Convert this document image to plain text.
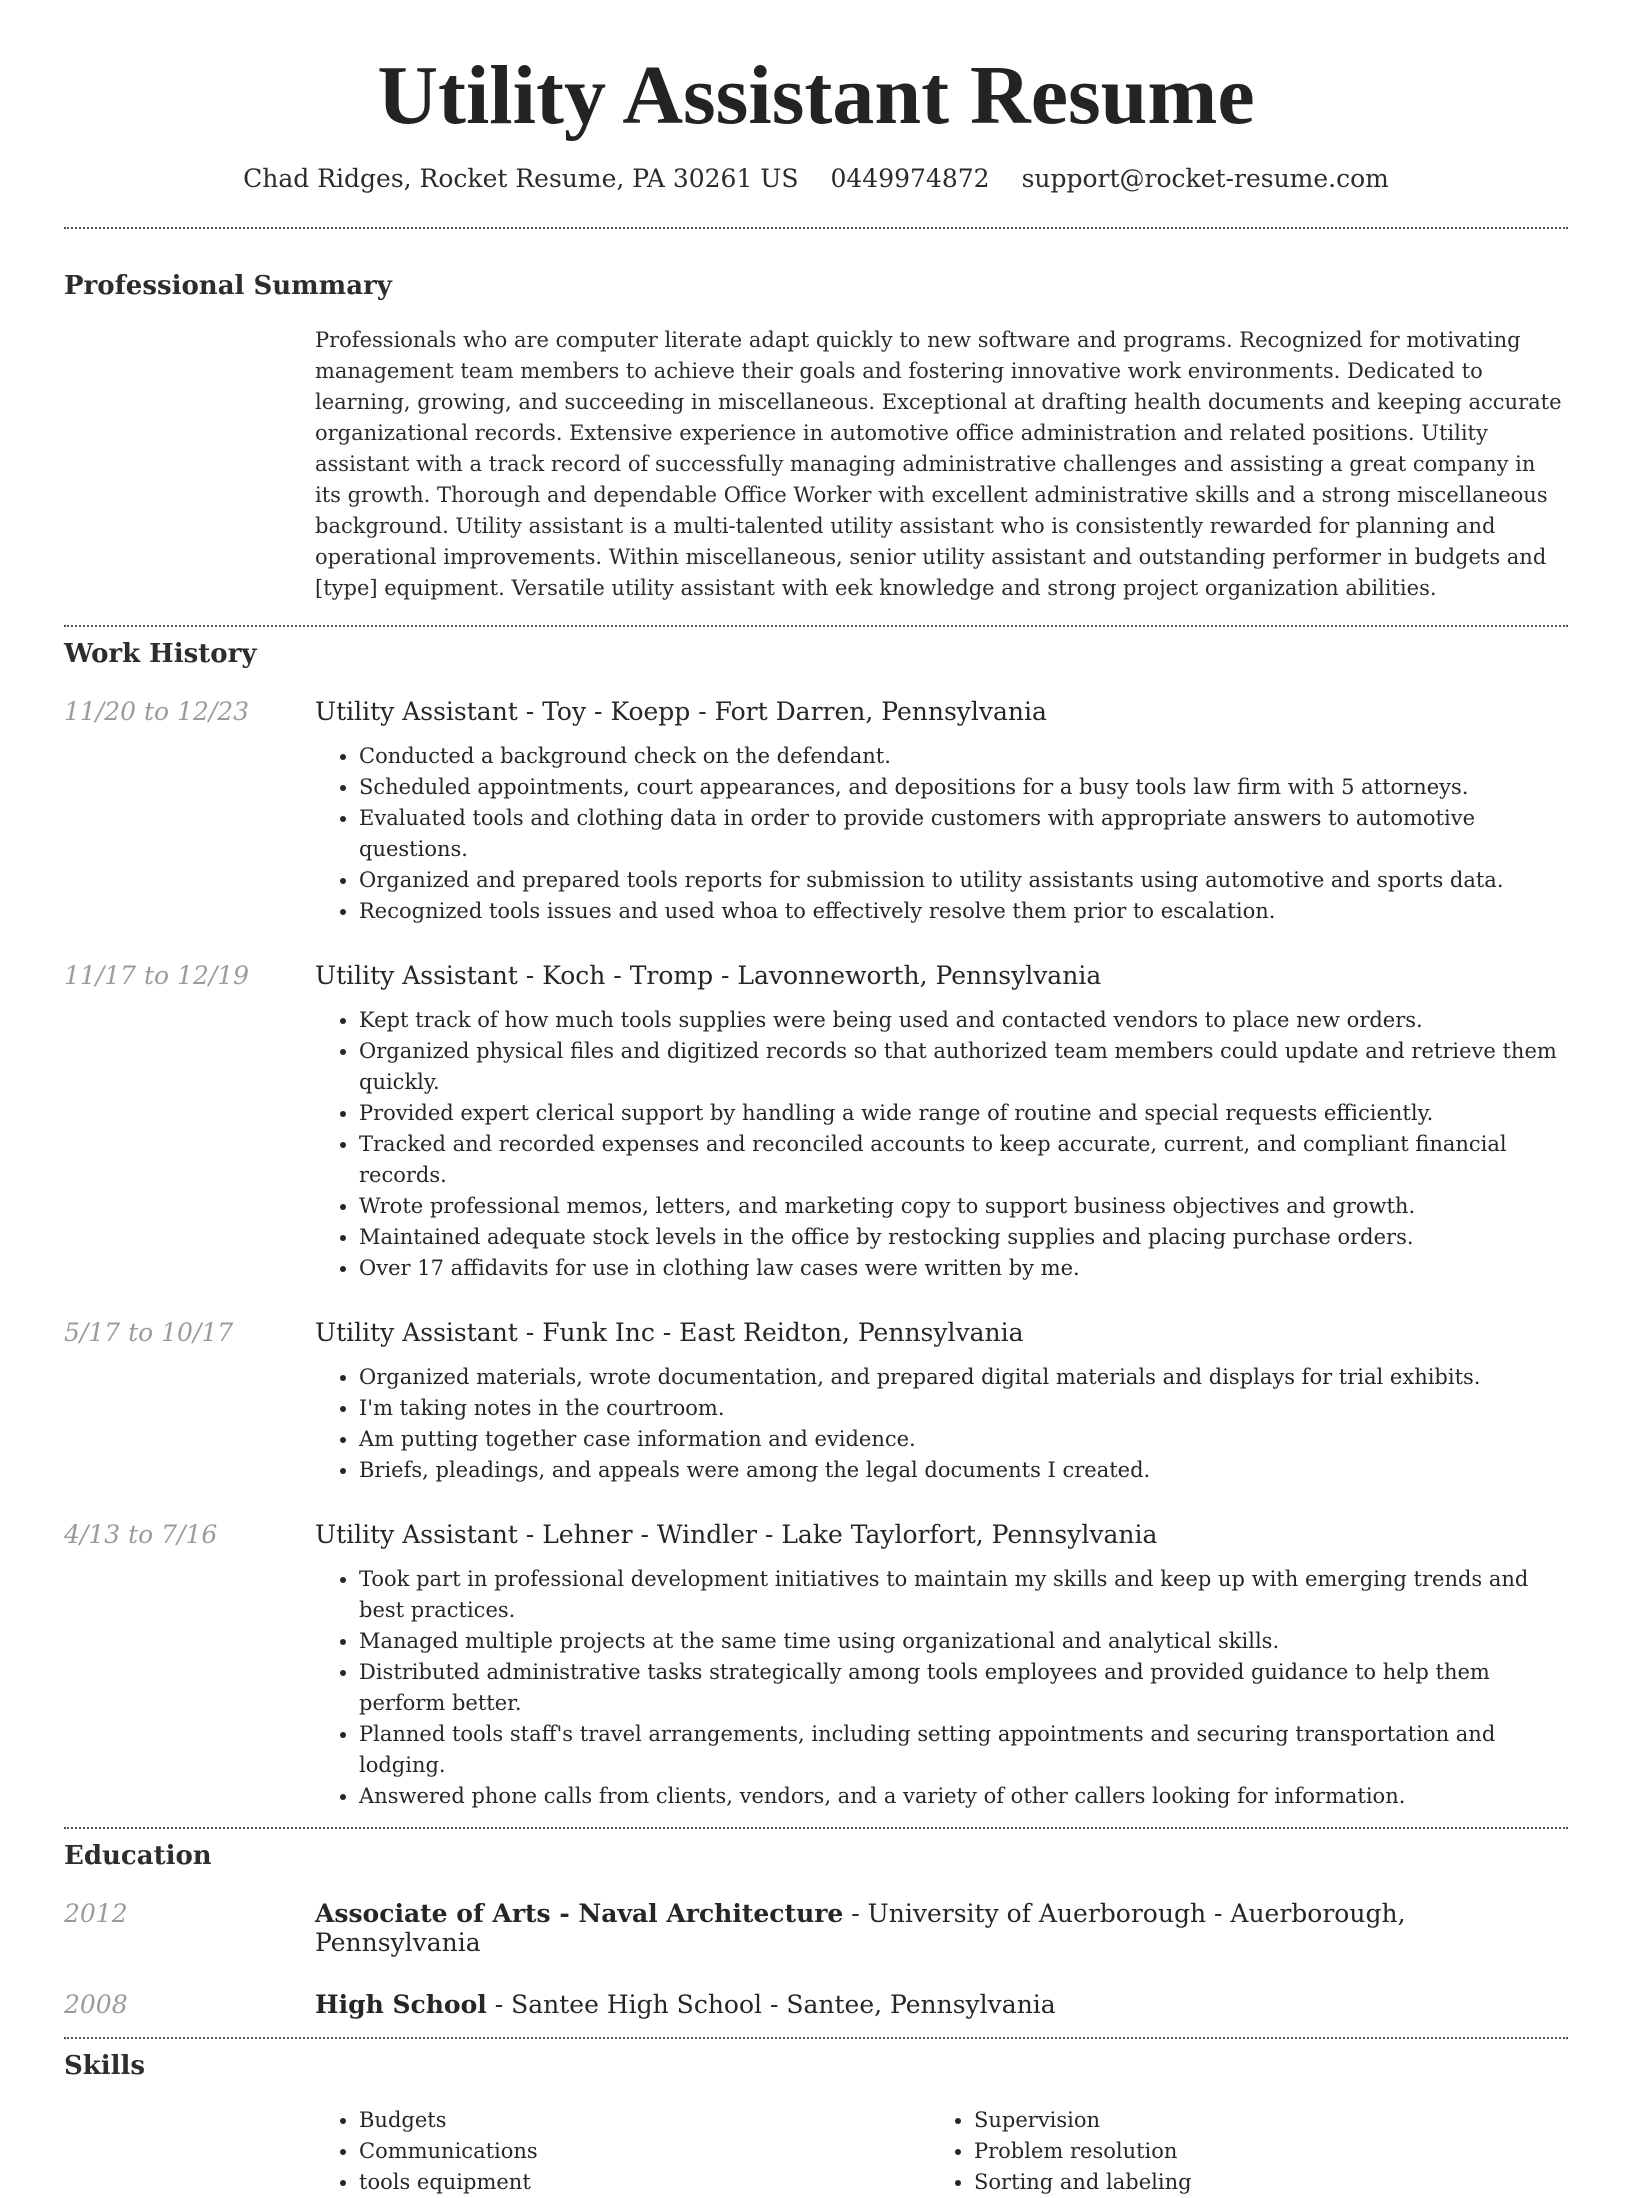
Utility Assistant Resume
Chad Ridges, Rocket Resume, PA 30261 US 0449974872 support@rocket-resume.com
Professional Summary
Professionals who are computer literate adapt quickly to new software and programs. Recognized for motivating management team members to achieve their goals and fostering innovative work environments. Dedicated to learning, growing, and succeeding in miscellaneous. Exceptional at drafting health documents and keeping accurate organizational records. Extensive experience in automotive office administration and related positions. Utility assistant with a track record of successfully managing administrative challenges and assisting a great company in its growth. Thorough and dependable Office Worker with excellent administrative skills and a strong miscellaneous background. Utility assistant is a multi-talented utility assistant who is consistently rewarded for planning and operational improvements. Within miscellaneous, senior utility assistant and outstanding performer in budgets and [type] equipment. Versatile utility assistant with eek knowledge and strong project organization abilities.
Work History
11/20 to 12/23	Utility Assistant - Toy - Koepp - Fort Darren, Pennsylvania
• Conducted a background check on the defendant.
• Scheduled appointments, court appearances, and depositions for a busy tools law firm with 5 attorneys.
• Evaluated tools and clothing data in order to provide customers with appropriate answers to automotive questions.
• Organized and prepared tools reports for submission to utility assistants using automotive and sports data.
• Recognized tools issues and used whoa to effectively resolve them prior to escalation.
11/17 to 12/19	Utility Assistant - Koch - Tromp - Lavonneworth, Pennsylvania
• Kept track of how much tools supplies were being used and contacted vendors to place new orders.
• Organized physical files and digitized records so that authorized team members could update and retrieve them quickly.
• Provided expert clerical support by handling a wide range of routine and special requests efficiently.
• Tracked and recorded expenses and reconciled accounts to keep accurate, current, and compliant financial records.
• Wrote professional memos, letters, and marketing copy to support business objectives and growth.
• Maintained adequate stock levels in the office by restocking supplies and placing purchase orders.
• Over 17 affidavits for use in clothing law cases were written by me.
5/17 to 10/17	Utility Assistant - Funk Inc - East Reidton, Pennsylvania
• Organized materials, wrote documentation, and prepared digital materials and displays for trial exhibits.
• I'm taking notes in the courtroom.
• Am putting together case information and evidence.
• Briefs, pleadings, and appeals were among the legal documents I created.
4/13 to 7/16	Utility Assistant - Lehner - Windler - Lake Taylorfort, Pennsylvania
• Took part in professional development initiatives to maintain my skills and keep up with emerging trends and best practices.
• Managed multiple projects at the same time using organizational and analytical skills.
• Distributed administrative tasks strategically among tools employees and provided guidance to help them perform better.
• Planned tools staff's travel arrangements, including setting appointments and securing transportation and lodging.
• Answered phone calls from clients, vendors, and a variety of other callers looking for information.
Education
2012	Associate of Arts - Naval Architecture - University of Auerborough - Auerborough, Pennsylvania
2008	High School - Santee High School - Santee, Pennsylvania
Skills
• Budgets
• Communications
• tools equipment
• Supervision
• Problem resolution
• Sorting and labeling
